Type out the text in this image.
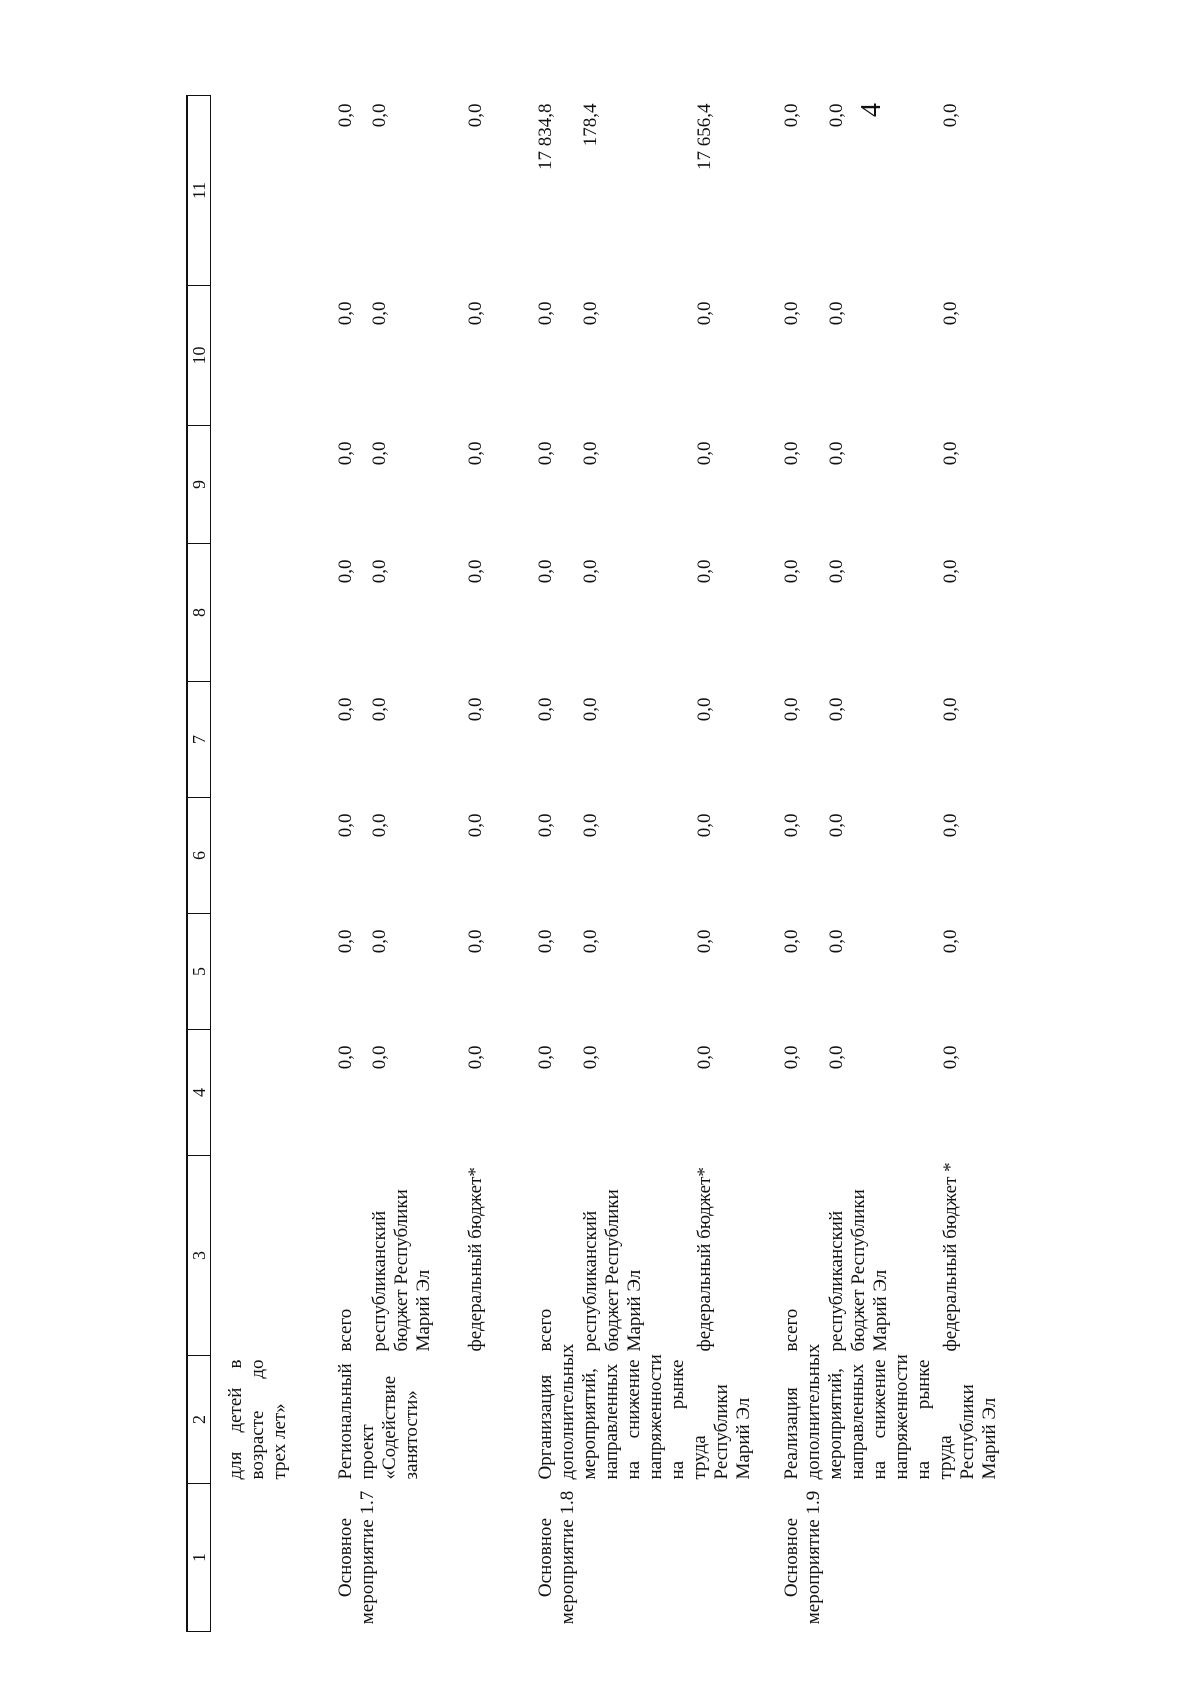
4
1	2	3	4	5	6	7	8	9	10	11
	для детей в возрасте до трех лет»									
Основное мероприятие 1.7	Региональный проект «Содействие занятости»	всего	0,0	0,0	0,0	0,0	0,0	0,0	0,0	0,0
		республиканский бюджет Республики Марий Эл	0,0	0,0	0,0	0,0	0,0	0,0	0,0	0,0
		федеральный бюджет*	0,0	0,0	0,0	0,0	0,0	0,0	0,0	0,0
Основное мероприятие 1.8	Организация дополнительных мероприятий, направленных на снижение напряженности на рынке труда Республики Марий Эл	всего	0,0	0,0	0,0	0,0	0,0	0,0	0,0	17 834,8
		республиканский бюджет Республики Марий Эл	0,0	0,0	0,0	0,0	0,0	0,0	0,0	178,4
		федеральный бюджет*	0,0	0,0	0,0	0,0	0,0	0,0	0,0	17 656,4
Основное мероприятие 1.9	Реализация дополнительных мероприятий, направленных на снижение напряженности на рынке труда Республики Марий Эл	всего	0,0	0,0	0,0	0,0	0,0	0,0	0,0	0,0
		республиканский бюджет Республики Марий Эл	0,0	0,0	0,0	0,0	0,0	0,0	0,0	0,0
		федеральный бюджет *	0,0	0,0	0,0	0,0	0,0	0,0	0,0	0,0
